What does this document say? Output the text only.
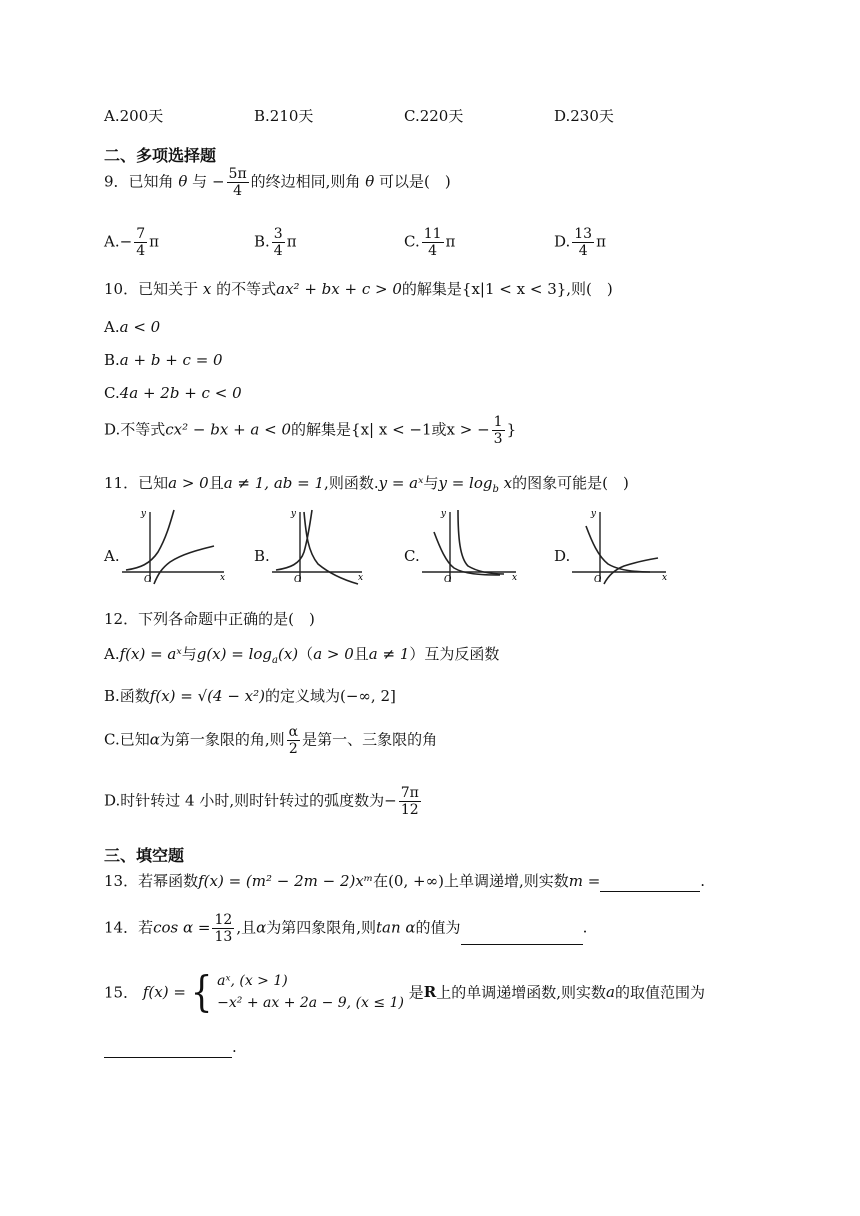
A.200天	B.210天	C.220天	D.230天
二、多项选择题
9．已知角 θ 与 − $\frac{5\pi}{4}$ 的终边相同,则角 θ 可以是(　)
$A.- \frac{7}{4}$ π	B. $\frac{3}{4}$ π	C. $\frac{11}{4}$ π	D. $\frac{13}{4}$ π
10．已知关于 x 的不等式ax² + bx + c > 0的解集是{x|1 < x < 3},则(　)
A.a < 0
B.a + b + c = 0
C.4a + 2b + c < 0
D.不等式cx² − bx + a < 0的解集是{x| x < −1或x > − $\frac{1}{3}$ }
11．已知a > 0且a ≠ 1, ab = 1,则函数.y = aˣ与$y = \log_b x$的图象可能是(　)
A.	B.	C.	D.
y
x
O
y
x
O
y
x
O
y
x
O
12．下列各命题中正确的是(　)
A.f(x) = aˣ与$g(x) = \log_a(x)(a > 0$且a ≠ 1）互为反函数
B.函数f(x) = √(4 − x²)的定义域为(−∞, 2]
C.已知α为第一象限的角,则 $\frac{\alpha}{2}$ 是第一、三象限的角
D.时针转过 4 小时,则时针转过的弧度数为− $\frac{7\pi}{12}$
三、填空题
13．若幂函数f(x) = (m² − 2m − 2)xᵐ在(0, +∞)上单调递增,则实数m =	.
14．若$\cos \alpha = \frac{12}{13}$ ,且α为第四象限角,则tan α的值为	.
15． f(x) = { aˣ, (x > 1)
−x² + ax + 2a − 9, (x ≤ 1)
是R上的单调递增函数,则实数a的取值范围为
.
